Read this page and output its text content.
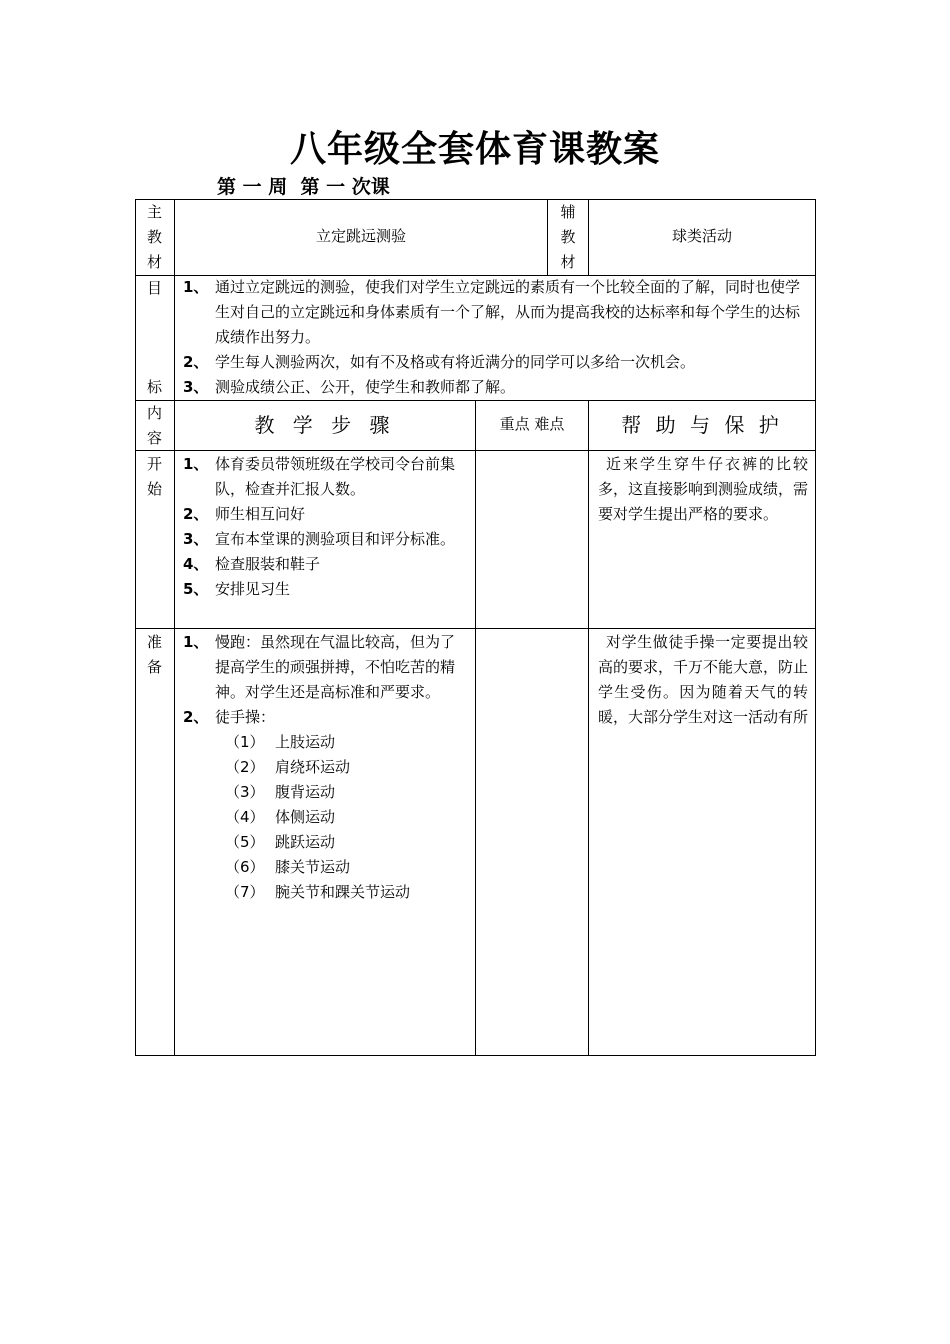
八年级全套体育课教案
第 一 周  第 一 次课
主
教
材
立定跳远测验
辅
教
材
球类活动
目
标
1、 通过立定跳远的测验，使我们对学生立定跳远的素质有一个比较全面的了解，同时也使学生对自己的立定跳远和身体素质有一个了解，从而为提高我校的达标率和每个学生的达标成绩作出努力。
2、 学生每人测验两次，如有不及格或有将近满分的同学可以多给一次机会。
3、 测验成绩公正、公开，使学生和教师都了解。
内
容
教 学 步 骤	重点 难点	帮 助 与 保 护
开
始
1、 体育委员带领班级在学校司令台前集队，检查并汇报人数。
2、 师生相互问好
3、 宣布本堂课的测验项目和评分标准。
4、 检查服装和鞋子
5、 安排见习生
近来学生穿牛仔衣裤的比较多，这直接影响到测验成绩，需要对学生提出严格的要求。
准
备
1、 慢跑：虽然现在气温比较高，但为了提高学生的顽强拼搏，不怕吃苦的精神。对学生还是高标准和严要求。
2、 徒手操：
（1） 上肢运动
（2） 肩绕环运动
（3） 腹背运动
（4） 体侧运动
（5） 跳跃运动
（6） 膝关节运动
（7） 腕关节和踝关节运动
对学生做徒手操一定要提出较高的要求，千万不能大意，防止学生受伤。因为随着天气的转暖，大部分学生对这一活动有所
